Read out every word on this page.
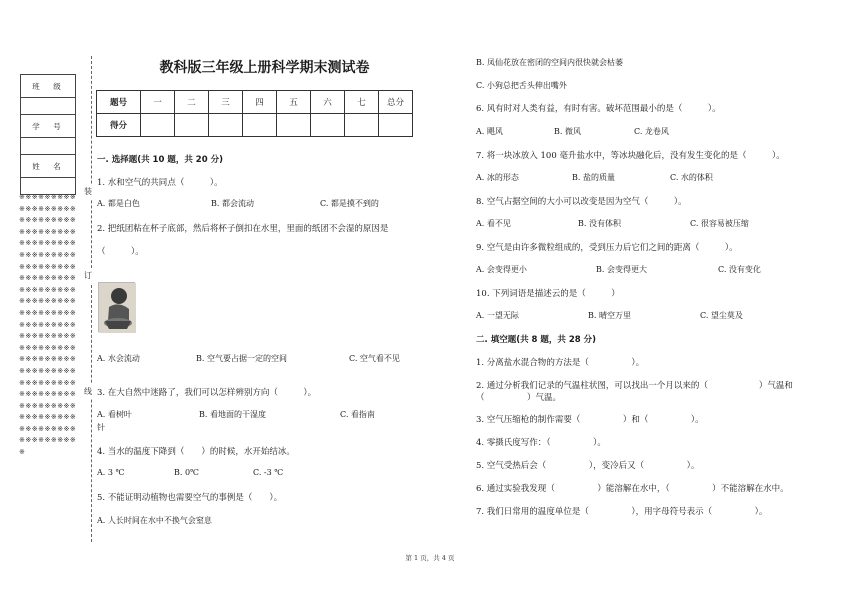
班　级

学　号

姓　名

※※※※※※※※※※※※※※※※※※※※※※※※※※※※※※※※※※※※※※※※※※※※※※※※※※※※※※※※※※※※※※※※※※※※※※※※※※※※※※※※※※※※※※※※※※※※※※※※※※※※※※※※※※※※※※※※※※※※※※※※※※※※※※※※※※※※※※※※※※※※※※※※※※※※※※※※※※※※※※※※※※※※※※※※※※※※※※※※※※※※※※※※※※※※※※※※※※※※※※※
装
订
线
教科版三年级上册科学期末测试卷
题号	一	二	三	四	五	六	七	总分
得分								
一. 选择题(共 10 题，共 20 分)
1. 水和空气的共同点（　　　）。
A. 都是白色	B. 都会流动	C. 都是摸不到的
2. 把纸团粘在杯子底部，然后将杯子倒扣在水里，里面的纸团不会湿的原因是
（　　　）。
A. 水会流动	B. 空气要占据一定的空间	C. 空气看不见
3. 在大自然中迷路了，我们可以怎样辨别方向（　　　）。
A. 看树叶	B. 看地面的干湿度	C. 看指南
针
4. 当水的温度下降到（　　）的时候，水开始结冰。
A. 3 ℃	B. 0℃	C. -3 ℃
5. 不能证明动植物也需要空气的事例是（　　）。
A. 人长时间在水中不换气会窒息
B. 凤仙花放在密闭的空间内很快就会枯萎
C. 小狗总把舌头伸出嘴外
6. 风有时对人类有益，有时有害。破坏范围最小的是（　　　）。
A. 飓风	B. 微风	C. 龙卷风
7. 将一块冰放入 100 毫升盐水中，等冰块融化后，没有发生变化的是（　　　）。
A. 冰的形态	B. 盐的质量	C. 水的体积
8. 空气占据空间的大小可以改变是因为空气（　　　）。
A. 看不见	B. 没有体积	C. 很容易被压缩
9. 空气是由许多微粒组成的，受到压力后它们之间的距离（　　　）。
A. 会变得更小	B. 会变得更大	C. 没有变化
10. 下列词语是描述云的是（　　　）
A. 一望无际	B. 晴空万里	C. 望尘莫及
二. 填空题(共 8 题，共 28 分)
1. 分离盐水混合物的方法是（　　　　　）。
2. 通过分析我们记录的气温柱状图，可以找出一个月以来的（　　　　　　）气温和
（　　　　　）气温。
3. 空气压缩枪的制作需要（　　　　　）和（　　　　　）。
4. 零摄氏度写作：（　　　　　）。
5. 空气受热后会（　　　　　），变冷后又（　　　　　）。
6. 通过实验我发现（　　　　　）能溶解在水中，（　　　　　）不能溶解在水中。
7. 我们日常用的温度单位是（　　　　　），用字母符号表示（　　　　　）。
第 1 页，共 4 页
